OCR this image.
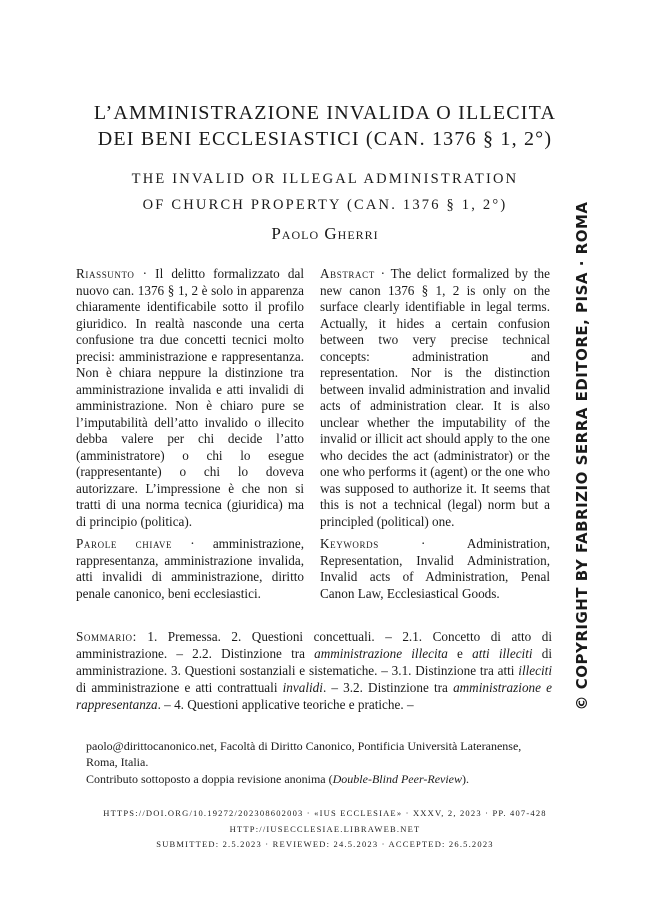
L’AMMINISTRAZIONE INVALIDA O ILLECITA
DEI BENI ECCLESIASTICI (CAN. 1376 § 1, 2°)
THE INVALID OR ILLEGAL ADMINISTRATION
OF CHURCH PROPERTY (CAN. 1376 § 1, 2°)
Paolo Gherri
Riassunto · Il delitto formalizzato dal nuovo can. 1376 § 1, 2 è solo in apparenza chiaramente identificabile sotto il profilo giuridico. In realtà nasconde una certa confusione tra due concetti tecnici molto precisi: amministrazione e rappresentanza. Non è chiara neppure la distinzione tra amministrazione invalida e atti invalidi di amministrazione. Non è chiaro pure se l’imputabilità dell’atto invalido o illecito debba valere per chi decide l’atto (amministratore) o chi lo esegue (rappresentante) o chi lo doveva autorizzare. L’impressione è che non si tratti di una norma tecnica (giuridica) ma di principio (politica).
Abstract · The delict formalized by the new canon 1376 § 1, 2 is only on the surface clearly identifiable in legal terms. Actually, it hides a certain confusion between two very precise technical concepts: administration and representation. Nor is the distinction between invalid administration and invalid acts of administration clear. It is also unclear whether the imputability of the invalid or illicit act should apply to the one who decides the act (administrator) or the one who performs it (agent) or the one who was supposed to authorize it. It seems that this is not a technical (legal) norm but a principled (political) one.
Parole chiave · amministrazione, rappresentanza, amministrazione invalida, atti invalidi di amministrazione, diritto penale canonico, beni ecclesiastici.
Keywords · Administration, Representation, Invalid Administration, Invalid acts of Administration, Penal Canon Law, Ecclesiastical Goods.
Sommario: 1. Premessa. 2. Questioni concettuali. – 2.1. Concetto di atto di amministrazione. – 2.2. Distinzione tra amministrazione illecita e atti illeciti di amministrazione. 3. Questioni sostanziali e sistematiche. – 3.1. Distinzione tra atti illeciti di amministrazione e atti contrattuali invalidi. – 3.2. Distinzione tra amministrazione e rappresentanza. – 4. Questioni applicative teoriche e pratiche. –
paolo@dirittocanonico.net, Facoltà di Diritto Canonico, Pontificia Università Lateranense, Roma, Italia.
Contributo sottoposto a doppia revisione anonima (Double-Blind Peer-Review).
HTTPS://DOI.ORG/10.19272/202308602003 · «IUS ECCLESIAE» · XXXV, 2, 2023 · PP. 407-428
HTTP://IUSECCLESIAE.LIBRAWEB.NET
SUBMITTED: 2.5.2023 · REVIEWED: 24.5.2023 · ACCEPTED: 26.5.2023
© COPYRIGHT BY FABRIZIO SERRA EDITORE, PISA · ROMA
